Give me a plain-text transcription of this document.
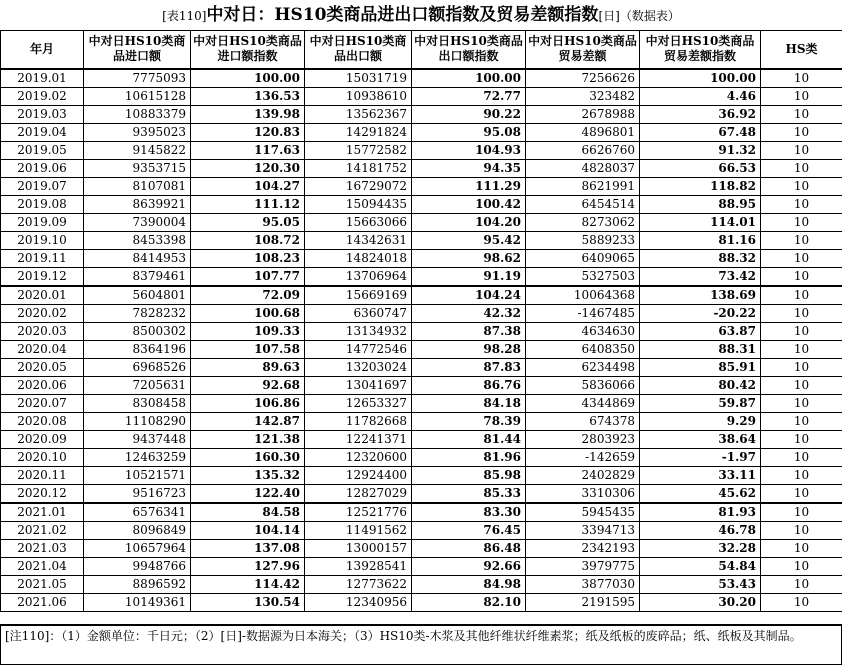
[表110]中对日：HS10类商品进出口额指数及贸易差额指数[日]（数据表）
年月	中对日HS10类商品进口额	中对日HS10类商品进口额指数	中对日HS10类商品出口额	中对日HS10类商品出口额指数	中对日HS10类商品贸易差额	中对日HS10类商品贸易差额指数	HS类
2019.01	7775093	100.00	15031719	100.00	7256626	100.00	10
2019.02	10615128	136.53	10938610	72.77	323482	4.46	10
2019.03	10883379	139.98	13562367	90.22	2678988	36.92	10
2019.04	9395023	120.83	14291824	95.08	4896801	67.48	10
2019.05	9145822	117.63	15772582	104.93	6626760	91.32	10
2019.06	9353715	120.30	14181752	94.35	4828037	66.53	10
2019.07	8107081	104.27	16729072	111.29	8621991	118.82	10
2019.08	8639921	111.12	15094435	100.42	6454514	88.95	10
2019.09	7390004	95.05	15663066	104.20	8273062	114.01	10
2019.10	8453398	108.72	14342631	95.42	5889233	81.16	10
2019.11	8414953	108.23	14824018	98.62	6409065	88.32	10
2019.12	8379461	107.77	13706964	91.19	5327503	73.42	10
2020.01	5604801	72.09	15669169	104.24	10064368	138.69	10
2020.02	7828232	100.68	6360747	42.32	-1467485	-20.22	10
2020.03	8500302	109.33	13134932	87.38	4634630	63.87	10
2020.04	8364196	107.58	14772546	98.28	6408350	88.31	10
2020.05	6968526	89.63	13203024	87.83	6234498	85.91	10
2020.06	7205631	92.68	13041697	86.76	5836066	80.42	10
2020.07	8308458	106.86	12653327	84.18	4344869	59.87	10
2020.08	11108290	142.87	11782668	78.39	674378	9.29	10
2020.09	9437448	121.38	12241371	81.44	2803923	38.64	10
2020.10	12463259	160.30	12320600	81.96	-142659	-1.97	10
2020.11	10521571	135.32	12924400	85.98	2402829	33.11	10
2020.12	9516723	122.40	12827029	85.33	3310306	45.62	10
2021.01	6576341	84.58	12521776	83.30	5945435	81.93	10
2021.02	8096849	104.14	11491562	76.45	3394713	46.78	10
2021.03	10657964	137.08	13000157	86.48	2342193	32.28	10
2021.04	9948766	127.96	13928541	92.66	3979775	54.84	10
2021.05	8896592	114.42	12773622	84.98	3877030	53.43	10
2021.06	10149361	130.54	12340956	82.10	2191595	30.20	10
[注110]：（1）金额单位：千日元；（2）[日]-数据源为日本海关；（3）HS10类-木浆及其他纤维状纤维素浆；纸及纸板的废碎品；纸、纸板及其制品。
